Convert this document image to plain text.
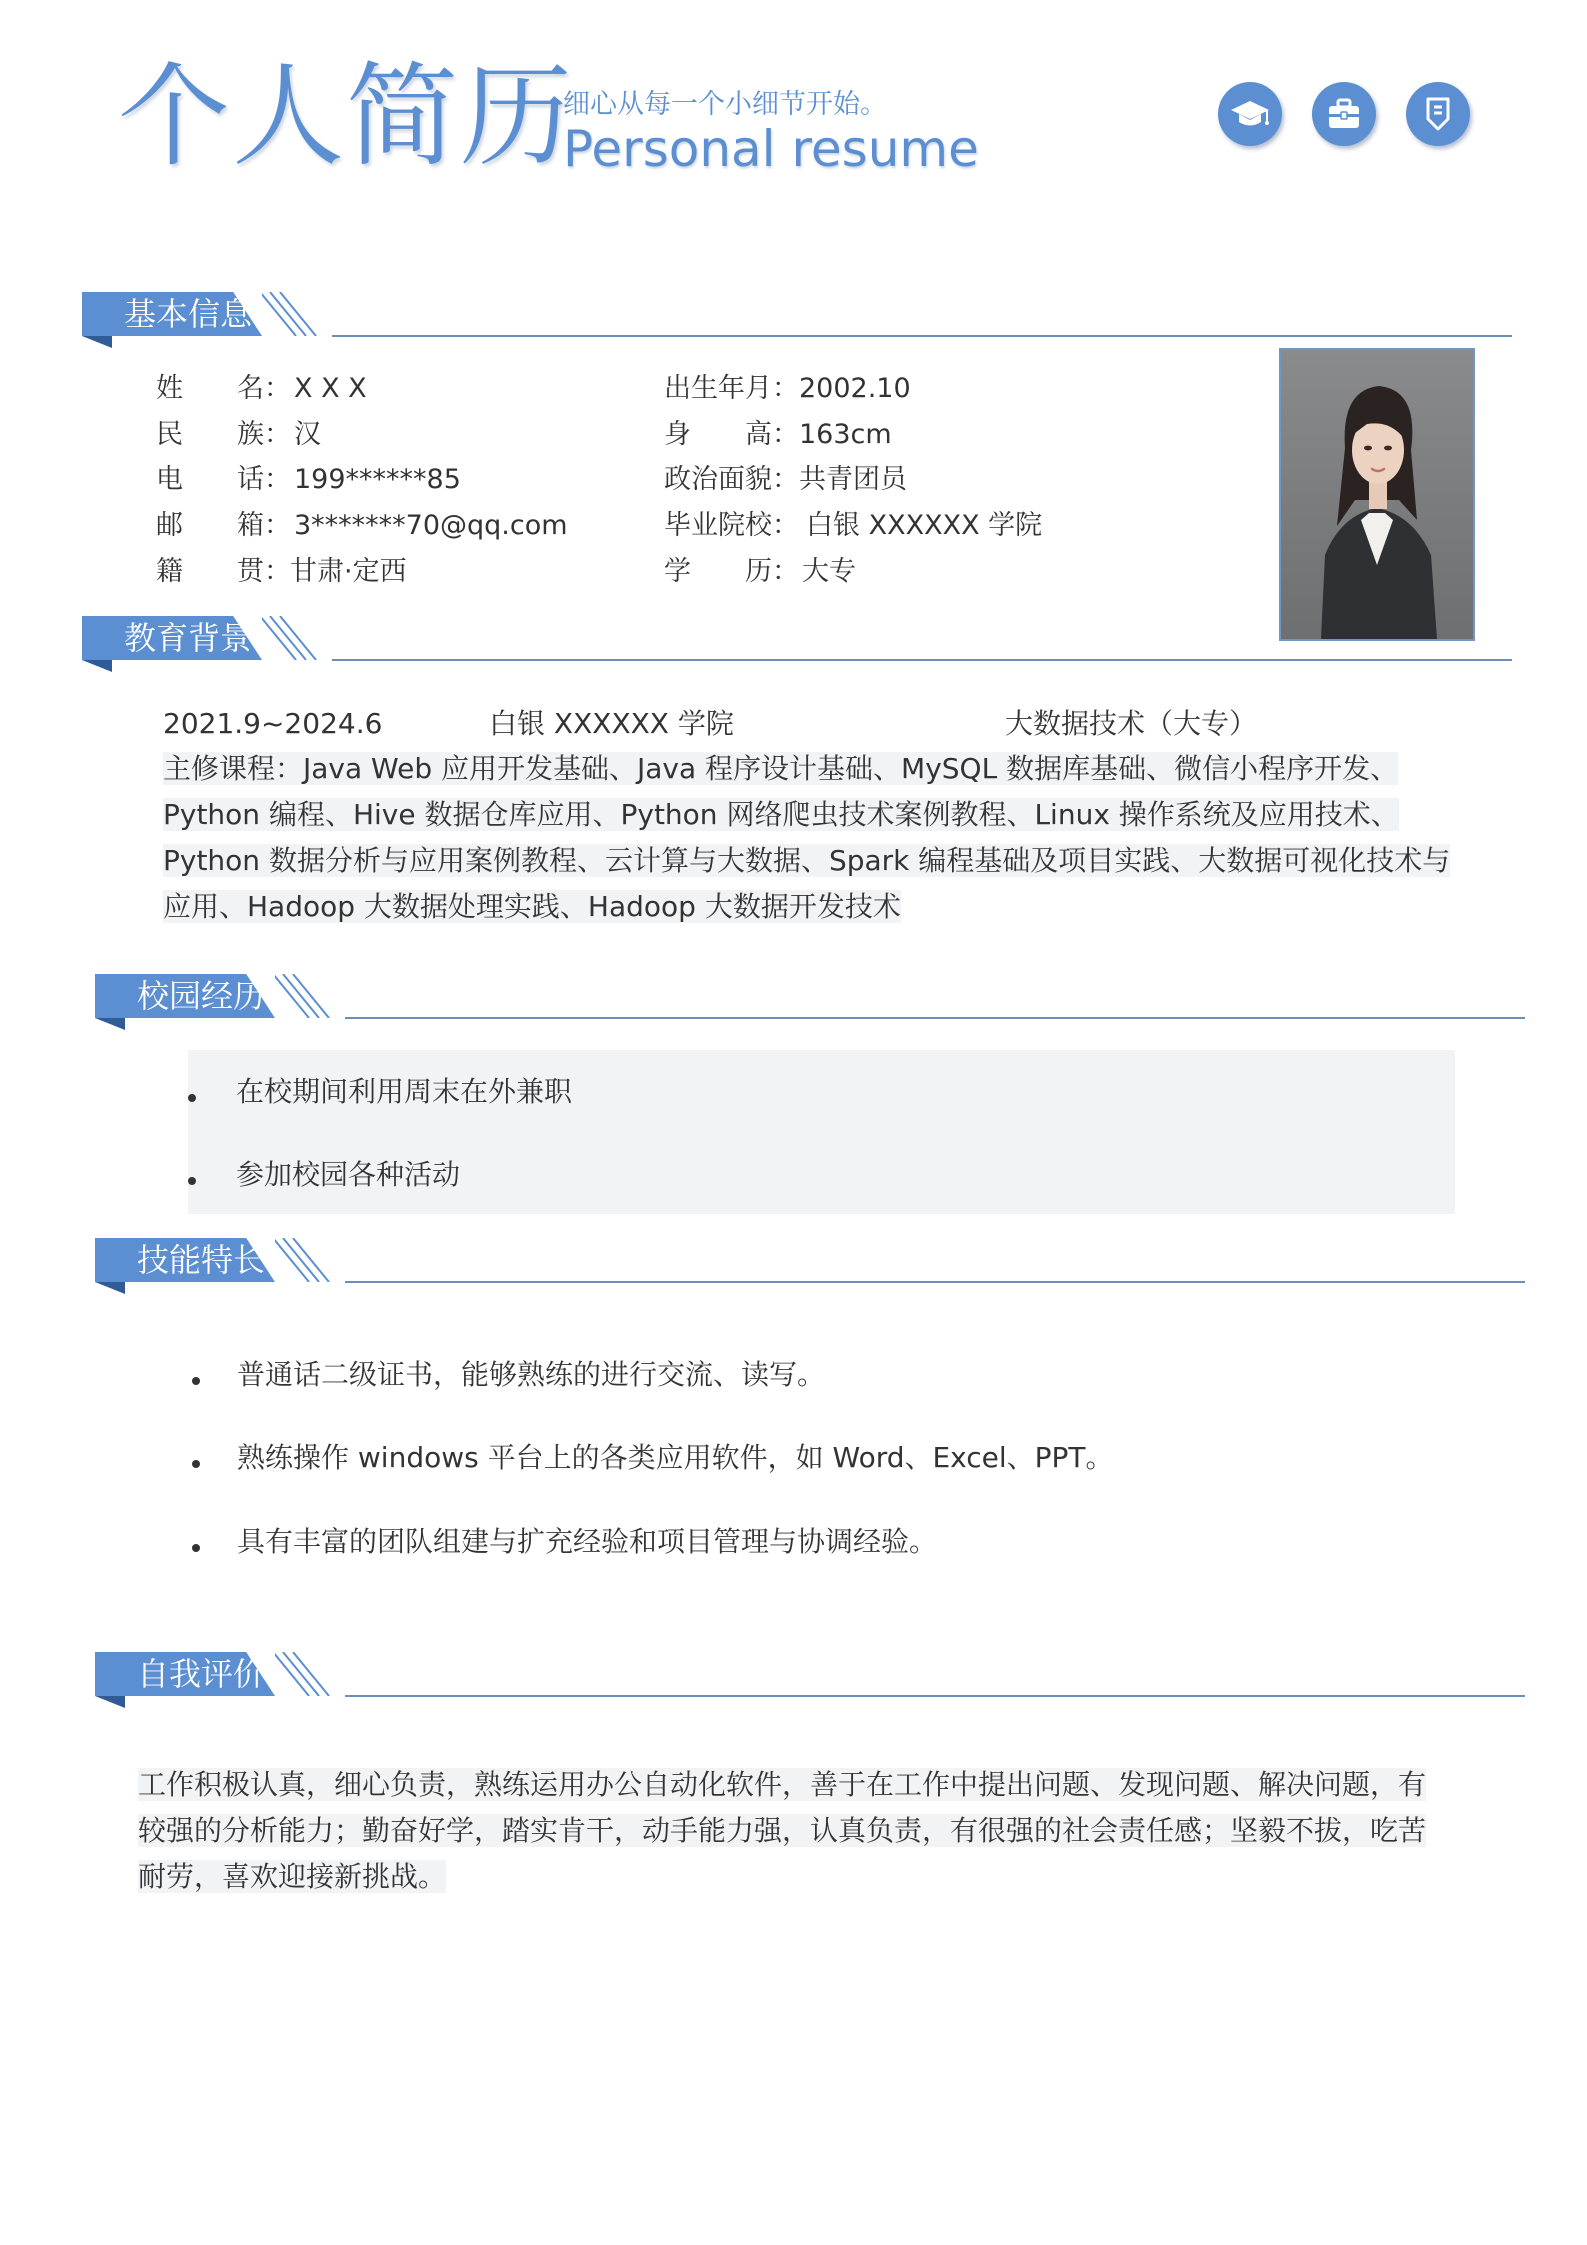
个人简历
细心从每一个小细节开始。
Personal resume
基本信息
姓　　名： X X X
民　　族： 汉
电　　话： 199******85
邮　　箱： 3*******70@qq.com
籍　　贯：甘肃·定西
出生年月：2002.10
身　　高：163cm
政治面貌：共青团员
毕业院校： 白银 XXXXXX 学院
学　　历： 大专
教育背景
2021.9~2024.6	白银 XXXXXX 学院	大数据技术（大专）
主修课程：Java Web 应用开发基础、Java 程序设计基础、MySQL 数据库基础、微信小程序开发、Python 编程、Hive 数据仓库应用、Python 网络爬虫技术案例教程、Linux 操作系统及应用技术、Python 数据分析与应用案例教程、云计算与大数据、Spark 编程基础及项目实践、大数据可视化技术与应用、Hadoop 大数据处理实践、Hadoop 大数据开发技术
校园经历
在校期间利用周末在外兼职
参加校园各种活动
技能特长
普通话二级证书，能够熟练的进行交流、读写。
熟练操作 windows 平台上的各类应用软件，如 Word、Excel、PPT。
具有丰富的团队组建与扩充经验和项目管理与协调经验。
自我评价
工作积极认真，细心负责，熟练运用办公自动化软件，善于在工作中提出问题、发现问题、解决问题，有较强的分析能力；勤奋好学，踏实肯干，动手能力强，认真负责，有很强的社会责任感；坚毅不拔，吃苦耐劳，喜欢迎接新挑战。
